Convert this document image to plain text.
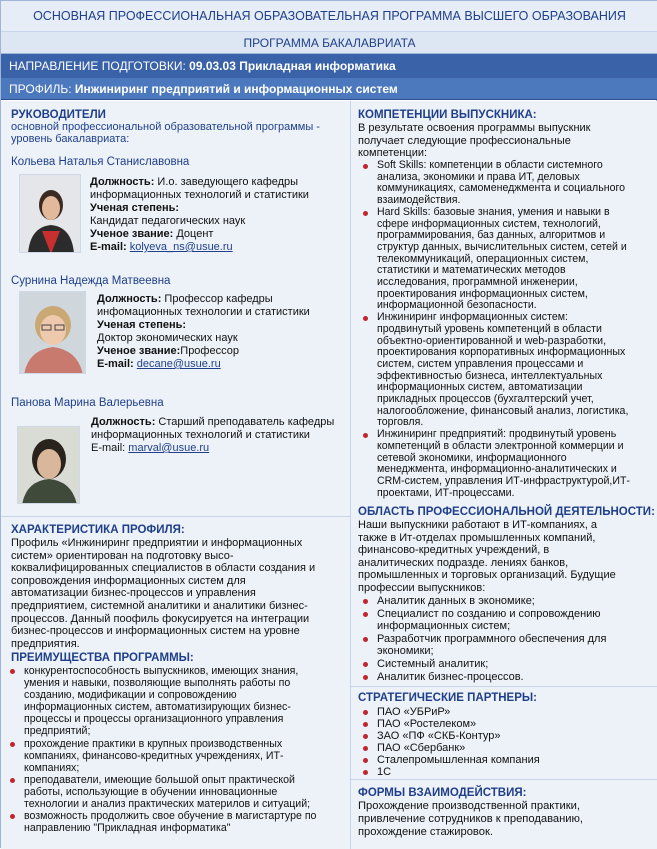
ОСНОВНАЯ ПРОФЕССИОНАЛЬНАЯ ОБРАЗОВАТЕЛЬНАЯ ПРОГРАММА ВЫСШЕГО ОБРАЗОВАНИЯ
ПРОГРАММА БАКАЛАВРИАТА
НАПРАВЛЕНИЕ ПОДГОТОВКИ: 09.03.03 Прикладная информатика
ПРОФИЛЬ: Инжиниринг предприятий и информационных систем
РУКОВОДИТЕЛИ
основной профессиональной образовательной программы -
уровень бакалавриата:
Кольева Наталья Станиславовна
Должность: И.о. заведующего кафедры
информационных технологий и статистики
Ученая степень:
Кандидат педагогических наук
Ученое звание: Доцент
E-mail: kolyeva_ns@usue.ru
Сурнина Надежда Матвеевна
Должность: Профессор кафедры
инфомационных технологии и статистики
Ученая степень:
Доктор экономических наук
Ученое звание:Профессор
E-mail: decane@usue.ru
Панова Марина Валерьевна
Должность: Старший преподаватель кафедры
информационных технологий и статистики
E-mail: marval@usue.ru
ХАРАКТЕРИСТИКА ПРОФИЛЯ:
Профиль «Инжиниринг предприятии и информационных
систем» ориентирован на подготовку высо-
коквалифицированных специалистов в области создания и
сопровождения информационных систем для
автоматизации бизнес-процессов и управления
предприятием, системной аналитики и аналитики бизнес-
процессов. Данный поофиль фокусируется на интеграции
бизнес-процессов и информационных систем на уровне
предприятия.
ПРЕИМУЩЕСТВА ПРОГРАММЫ:
конкурентоспособность выпускников, имеющих знания,
умения и навыки, позволяющие выполнять работы по
созданию, модификации и сопровождению
информационных систем, автоматизирующих бизнес-
процессы и процессы организационного управления
предприятий;
прохождение практики в крупных производственных
компаниях, финансово-кредитных учреждениях, ИТ-
компаниях;
преподаватели, имеющие большой опыт практической
работы, использующие в обучении инновационные
технологии и анализ практических материлов и ситуаций;
возможность продолжить свое обучение в магистартуре по
направлению "Прикладная информатика"
КОМПЕТЕНЦИИ ВЫПУСКНИКА:
В результате освоения программы выпускник
получает следующие профессиональные
компетенции:
Soft Skills: компетенции в области системного
анализа, экономики и права ИТ, деловых
коммуникациях, самоменеджмента и социального
взаимодействия.
Hard Skills: базовые знания, умения и навыки в
сфере информационных систем, технологий,
программирования, баз данных, алгоритмов и
структур данных, вычислительных систем, сетей и
телекоммуникаций, операционных систем,
статистики и математических методов
исследования, программной инженерии,
проектирования информационных систем,
информационной безопасности.
Инжиниринг информационных систем:
продвинутый уровень компетенций в области
объектно-ориентированной и web-разработки,
проектирования корпоративных информационных
систем, систем управления процессами и
эффективностью бизнеса, интеллектуальных
информационных систем, автоматизации
прикладных процессов (бухгалтерский учет,
налогообложение, финансовый анализ, логистика,
торговля.
Инжиниринг предприятий: продвинутый уровень
компетенций в области электронной коммерции и
сетевой экономики, информационного
менеджмента, информационно-аналитических и
CRM-систем, управления ИТ-инфраструктурой,ИТ-
проектами, ИТ-процессами.
ОБЛАСТЬ ПРОФЕССИОНАЛЬНОЙ ДЕЯТЕЛЬНОСТИ:
Наши выпускники работают в ИТ-компаниях, а
также в Ит-отделах промышленных компаний,
финансово-кредитных учреждений, в
аналитических подразде. лениях банков,
промышленных и торговых организаций. Будущие
профессии выпускников:
Аналитик данных в экономике;
Специалист по созданию и сопровождению
информационных систем;
Разработчик программного обеспечения для
экономики;
Системный аналитик;
Аналитик бизнес-процессов.
СТРАТЕГИЧЕСКИЕ ПАРТНЕРЫ:
ПАО «УБРиР»
ПАО «Ростелеком»
ЗАО «ПФ «СКБ-Контур»
ПАО «Сбербанк»
Сталепромышленная компания
1С
ФОРМЫ ВЗАИМОДЕЙСТВИЯ:
Прохождение производственной практики,
привлечение сотрудников к преподаванию,
прохождение стажировок.
